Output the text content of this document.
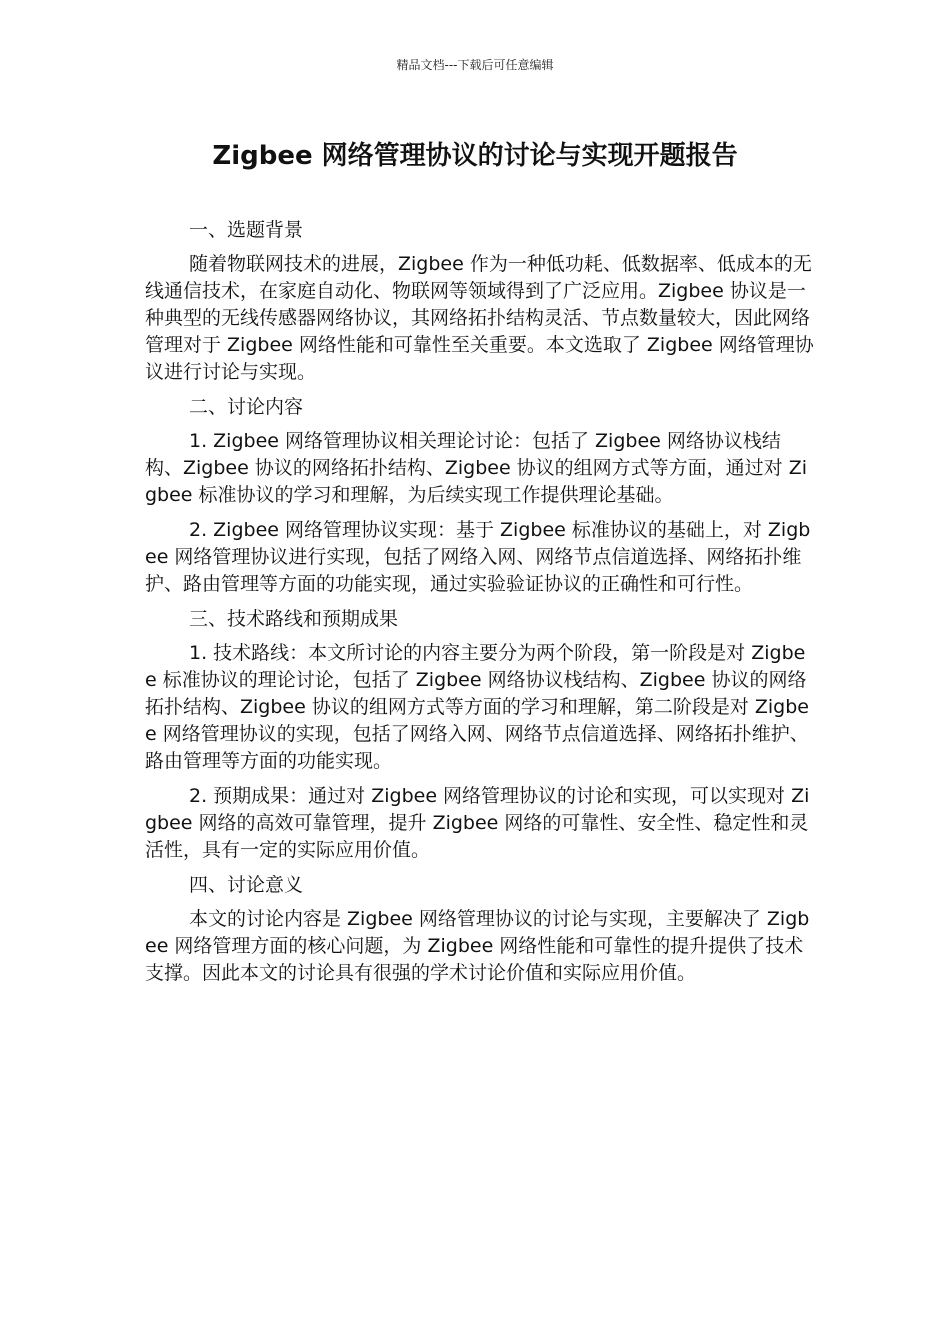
精品文档---下载后可任意编辑
Zigbee 网络管理协议的讨论与实现开题报告

一、选题背景

随着物联网技术的进展，Zigbee 作为一种低功耗、低数据率、低成本的无线通信技术，在家庭自动化、物联网等领域得到了广泛应用。Zigbee 协议是一种典型的无线传感器网络协议，其网络拓扑结构灵活、节点数量较大，因此网络管理对于 Zigbee 网络性能和可靠性至关重要。本文选取了 Zigbee 网络管理协议进行讨论与实现。

二、讨论内容

1. Zigbee 网络管理协议相关理论讨论：包括了 Zigbee 网络协议栈结构、Zigbee 协议的网络拓扑结构、Zigbee 协议的组网方式等方面，通过对 Zigbee 标准协议的学习和理解，为后续实现工作提供理论基础。

2. Zigbee 网络管理协议实现：基于 Zigbee 标准协议的基础上，对 Zigbee 网络管理协议进行实现，包括了网络入网、网络节点信道选择、网络拓扑维护、路由管理等方面的功能实现，通过实验验证协议的正确性和可行性。

三、技术路线和预期成果

1. 技术路线：本文所讨论的内容主要分为两个阶段，第一阶段是对 Zigbee 标准协议的理论讨论，包括了 Zigbee 网络协议栈结构、Zigbee 协议的网络拓扑结构、Zigbee 协议的组网方式等方面的学习和理解，第二阶段是对 Zigbee 网络管理协议的实现，包括了网络入网、网络节点信道选择、网络拓扑维护、路由管理等方面的功能实现。

2. 预期成果：通过对 Zigbee 网络管理协议的讨论和实现，可以实现对 Zigbee 网络的高效可靠管理，提升 Zigbee 网络的可靠性、安全性、稳定性和灵活性，具有一定的实际应用价值。

四、讨论意义

本文的讨论内容是 Zigbee 网络管理协议的讨论与实现，主要解决了 Zigbee 网络管理方面的核心问题，为 Zigbee 网络性能和可靠性的提升提供了技术支撑。因此本文的讨论具有很强的学术讨论价值和实际应用价值。
